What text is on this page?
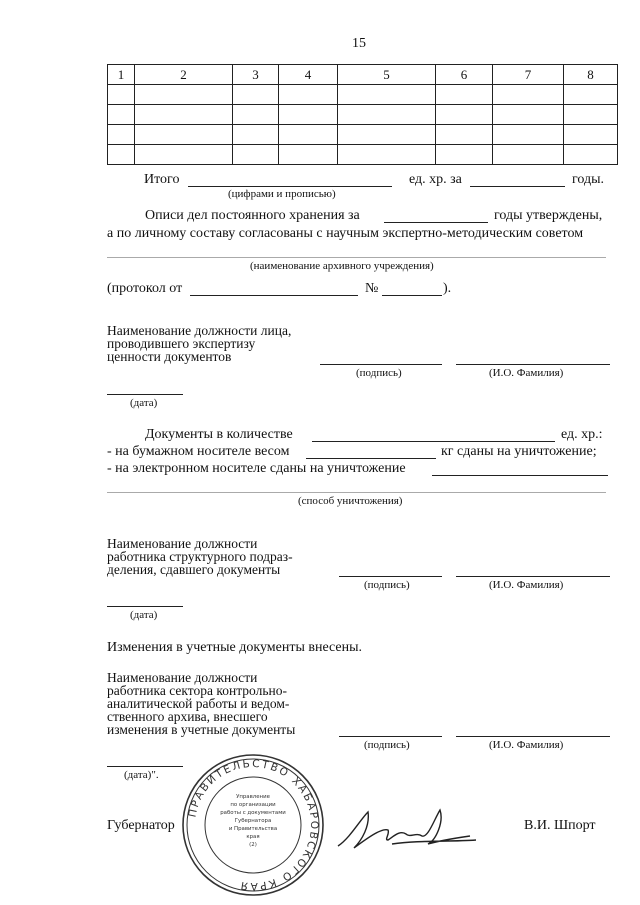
15
1	2	3	4	5	6	7	8

Итого	ед. хр. за	годы.
(цифрами и прописью)
Описи дел постоянного хранения за	годы утверждены,
а по личному составу согласованы с научным экспертно-методическим советом
(наименование архивного учреждения)
(протокол от	№	).
Наименование должности лица,
проводившего экспертизу
ценности документов
(подпись)	(И.О. Фамилия)
(дата)
Документы в количестве	ед. хр.:
- на бумажном носителе весом	кг сданы на уничтожение;
- на электронном носителе сданы на уничтожение
(способ уничтожения)
Наименование должности
работника структурного подраз-
деления, сдавшего документы
(подпись)	(И.О. Фамилия)
(дата)
Изменения в учетные документы внесены.
Наименование должности
работника сектора контрольно-
аналитической работы и ведом-
ственного архива, внесшего
изменения в учетные документы
(подпись)	(И.О. Фамилия)
(дата)".
ПРАВИТЕЛЬСТВО ХАБАРОВСКОГО КРАЯ
Управление
по организации
работы с документами
Губернатора
и Правительства
края
(2)
Губернатор	В.И. Шпорт
